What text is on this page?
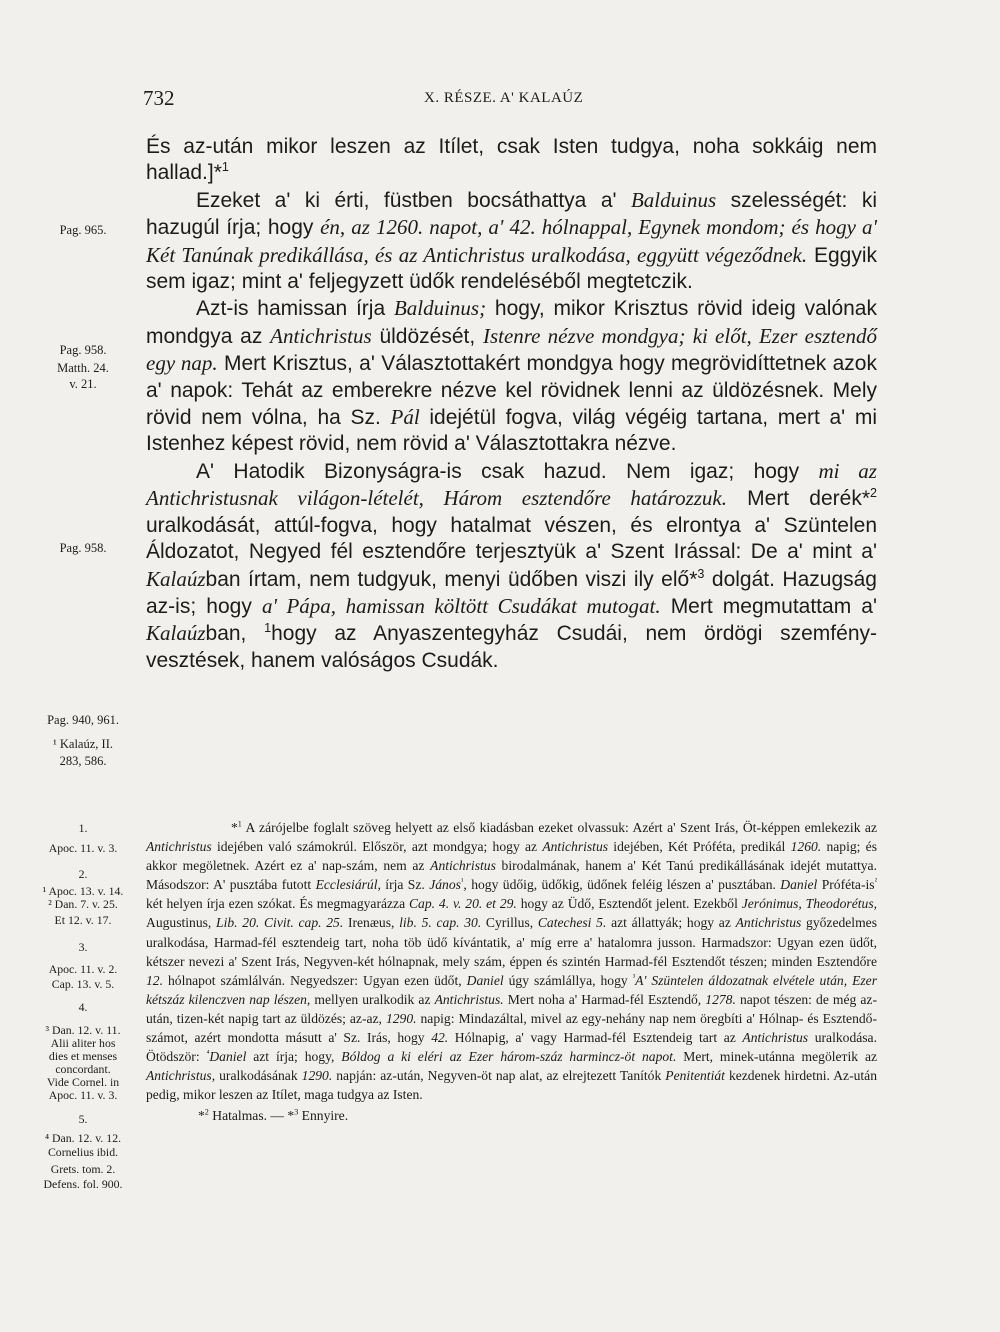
732	X. RÉSZE. A' KALAÚZ
Pag. 965.
Pag. 958.
Matth. 24.
v. 21.
Pag. 958.
Pag. 940, 961.
¹ Kalaúz, II.
283, 586.

És az-után mikor leszen az Itílet, csak Isten tudgya, noha sokkáig nem hallad.]*$^1$

Ezeket a' ki érti, füstben bocsáthattya a' Balduinus szelességét: ki hazugúl írja; hogy én, az 1260. napot, a' 42. hólnappal, Egynek mondom; és hogy a' Két Tanúnak predikállása, és az Antichristus uralkodása, eggyütt végeződnek. Eggyik sem igaz; mint a' feljegyzett üdők rendeléséből megtetczik.

Azt-is hamissan írja Balduinus; hogy, mikor Krisztus rövid ideig valónak mondgya az Antichristus üldözését, Istenre nézve mondgya; ki előt, Ezer esztendő egy nap. Mert Krisztus, a' Választottakért mondgya hogy megrövidíttetnek azok a' napok: Tehát az emberekre nézve kel rövidnek lenni az üldözésnek. Mely rövid nem vólna, ha Sz. Pál idejétül fogva, világ végéig tartana, mert a' mi Istenhez képest rövid, nem rövid a' Választottakra nézve.

A' Hatodik Bizonyságra-is csak hazud. Nem igaz; hogy mi az Antichristusnak világon-lételét, Három esztendőre határozzuk. Mert derék*$^2$ uralkodását, attúl-fogva, hogy hatalmat vészen, és elrontya a' Szüntelen Áldozatot, Negyed fél esztendőre terjesztyük a' Szent Irással: De a' mint a' Kalaúzban írtam, nem tudgyuk, menyi üdőben viszi ily elő*$^3$ dolgát. Hazugság az-is; hogy a' Pápa, hamissan költött Csudákat mutogat. Mert megmutattam a' Kalaúzban, $^1$hogy az Anyaszentegyház Csudái, nem ördögi szemfény-vesztések, hanem valóságos Csudák.

1.
Apoc. 11. v. 3.
2.
¹ Apoc. 13. v. 14.
² Dan. 7. v. 25.
Et 12. v. 17.
3.
Apoc. 11. v. 2.
Cap. 13. v. 5.
4.
³ Dan. 12. v. 11.
Alii aliter hos
dies et menses
concordant.
Vide Cornel. in
Apoc. 11. v. 3.
5.
⁴ Dan. 12. v. 12.
Cornelius ibid.
Grets. tom. 2.
Defens. fol. 900.

*$^1$ A zárójelbe foglalt szöveg helyett az első kiadásban ezeket olvassuk: Azért a' Szent Irás, Öt-képpen emlekezik az Antichristus idejében való számokrúl. Először, azt mondgya; hogy az Antichristus idejében, Két Próféta, predikál 1260. napig; és akkor megöletnek. Azért ez a' nap-szám, nem az Antichristus birodalmának, hanem a' Két Tanú predikállásának idejét mutattya. Másodszor: A' pusztába futott Ecclesiárúl, írja Sz. János$^{^1}$, hogy üdőig, üdőkig, üdőnek feléig lészen a' pusztában. Daniel Próféta-$is^{^2}$ két helyen írja ezen szókat. És megmagyarázza Cap. 4. v. 20. et 29. hogy az Üdő, Esztendőt jelent. Ezekből Jerónimus, Theodorétus, Augustinus, Lib. 20. Civit. cap. 25. Irenæus, lib. 5. cap. 30. Cyrillus, Catechesi 5. azt állattyák; hogy az Antichristus győzedelmes uralkodása, Harmad-fél esztendeig tart, noha töb üdő kívántatik, a' míg erre a' hatalomra jusson. Harmadszor: Ugyan ezen üdőt, kétszer nevezi a' Szent Irás, Negyven-két hólnapnak, mely szám, éppen és szintén Harmad-fél Esztendőt tészen; minden Esztendőre 12. hólnapot számlálván. Negyedszer: Ugyan ezen üdőt, Daniel úgy számlállya, hogy $^{^3}$A' Szüntelen áldozatnak elvétele után, Ezer kétszáz kilenczven nap lészen, mellyen uralkodik az Antichristus. Mert noha a' Harmad-fél Esztendő, 1278. napot tészen: de még az-után, tizen-két napig tart az üldözés; az-az, 1290. napig: Mindazáltal, mivel az egy-nehány nap nem öregbíti a' Hólnap- és Esztendő-számot, azért mondotta másutt a' Sz. Irás, hogy 42. Hólnapig, a' vagy Harmad-fél Esztendeig tart az Antichristus uralkodása. Ötödször: $^{^4}$Daniel azt írja; hogy, Bóldog a ki eléri az Ezer három-száz harmincz-öt napot. Mert, minek-utánna megölетik az Antichristus, uralkodásának 1290. napján: az-után, Negyven-öt nap alat, az elrejtezett Tanítók Penitentiát kezdenek hirdetni. Az-után pedig, mikor leszen az Itílet, maga tudgya az Isten.

*$^2$ Hatalmas. — *$^3$ Ennyire.
